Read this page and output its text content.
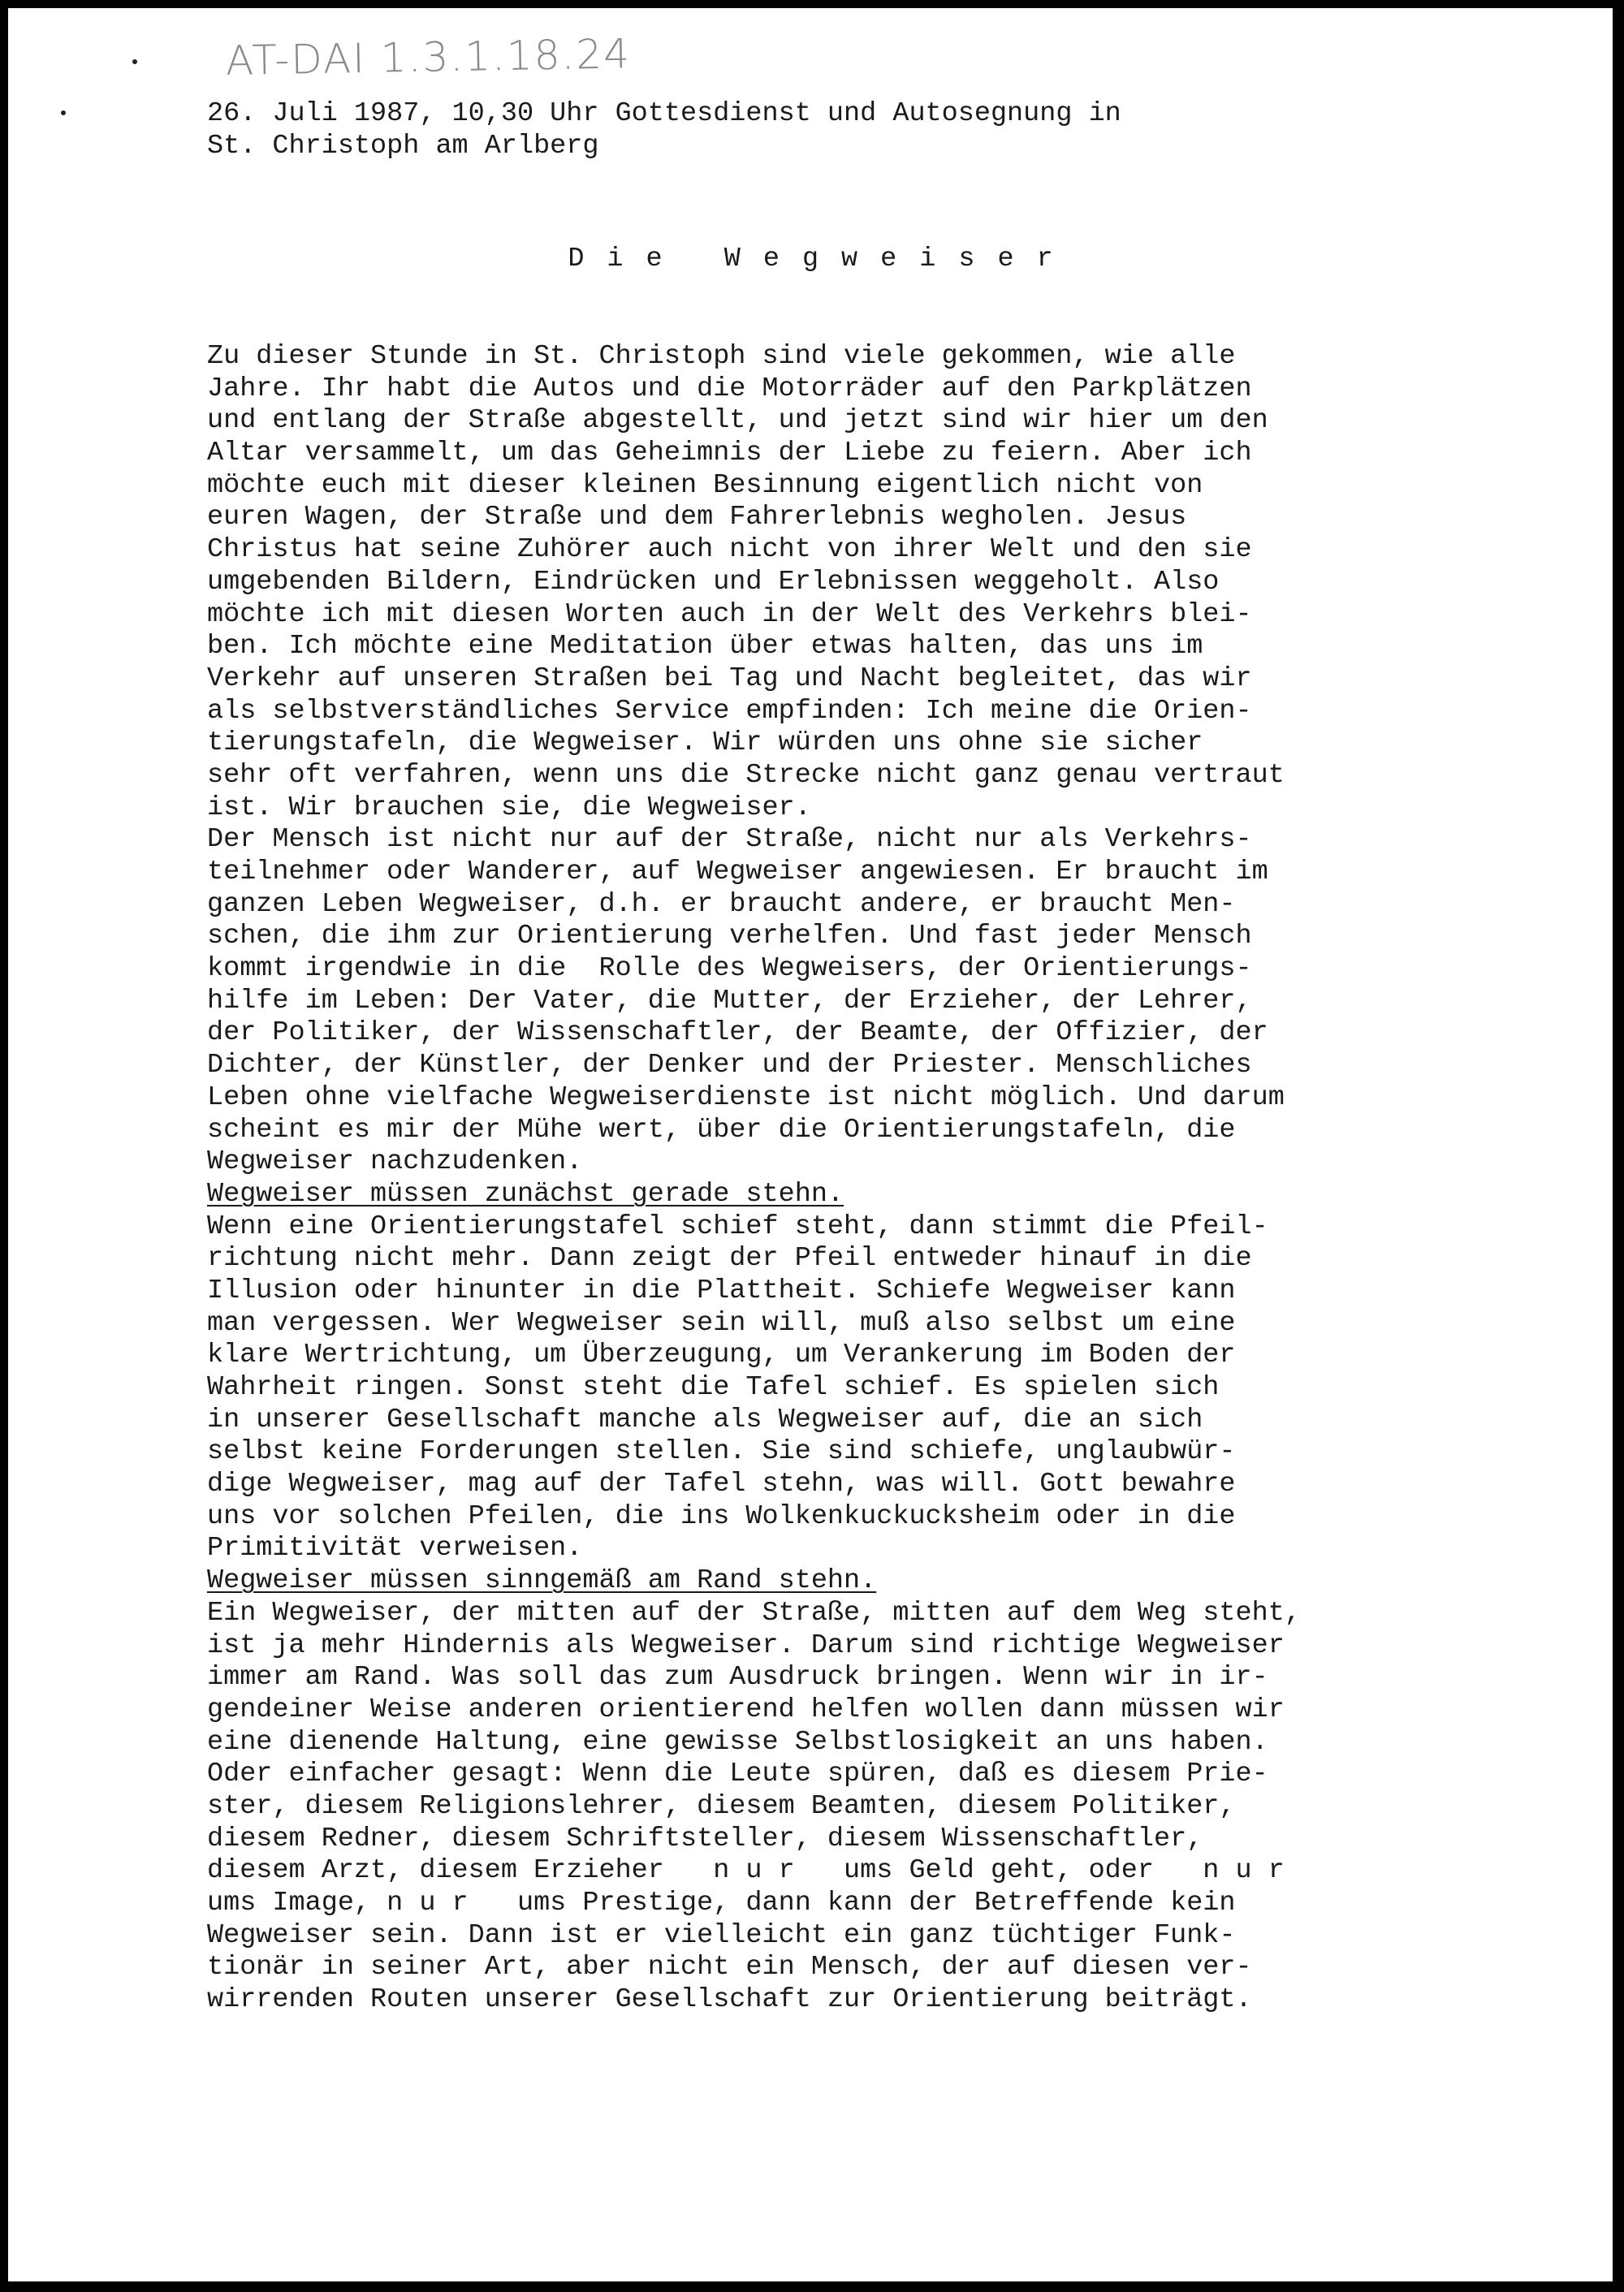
AT-DAI 1.3.1.18.24
26. Juli 1987, 10,30 Uhr Gottesdienst und Autosegnung in
St. Christoph am Arlberg
Die Wegweiser
Zu dieser Stunde in St. Christoph sind viele gekommen, wie alle
Jahre. Ihr habt die Autos und die Motorräder auf den Parkplätzen
und entlang der Straße abgestellt, und jetzt sind wir hier um den
Altar versammelt, um das Geheimnis der Liebe zu feiern. Aber ich
möchte euch mit dieser kleinen Besinnung eigentlich nicht von
euren Wagen, der Straße und dem Fahrerlebnis wegholen. Jesus
Christus hat seine Zuhörer auch nicht von ihrer Welt und den sie
umgebenden Bildern, Eindrücken und Erlebnissen weggeholt. Also
möchte ich mit diesen Worten auch in der Welt des Verkehrs blei-
ben. Ich möchte eine Meditation über etwas halten, das uns im
Verkehr auf unseren Straßen bei Tag und Nacht begleitet, das wir
als selbstverständliches Service empfinden: Ich meine die Orien-
tierungstafeln, die Wegweiser. Wir würden uns ohne sie sicher
sehr oft verfahren, wenn uns die Strecke nicht ganz genau vertraut
ist. Wir brauchen sie, die Wegweiser.
Der Mensch ist nicht nur auf der Straße, nicht nur als Verkehrs-
teilnehmer oder Wanderer, auf Wegweiser angewiesen. Er braucht im
ganzen Leben Wegweiser, d.h. er braucht andere, er braucht Men-
schen, die ihm zur Orientierung verhelfen. Und fast jeder Mensch
kommt irgendwie in die  Rolle des Wegweisers, der Orientierungs-
hilfe im Leben: Der Vater, die Mutter, der Erzieher, der Lehrer,
der Politiker, der Wissenschaftler, der Beamte, der Offizier, der
Dichter, der Künstler, der Denker und der Priester. Menschliches
Leben ohne vielfache Wegweiserdienste ist nicht möglich. Und darum
scheint es mir der Mühe wert, über die Orientierungstafeln, die
Wegweiser nachzudenken.
Wegweiser müssen zunächst gerade stehn.
Wenn eine Orientierungstafel schief steht, dann stimmt die Pfeil-
richtung nicht mehr. Dann zeigt der Pfeil entweder hinauf in die
Illusion oder hinunter in die Plattheit. Schiefe Wegweiser kann
man vergessen. Wer Wegweiser sein will, muß also selbst um eine
klare Wertrichtung, um Überzeugung, um Verankerung im Boden der
Wahrheit ringen. Sonst steht die Tafel schief. Es spielen sich
in unserer Gesellschaft manche als Wegweiser auf, die an sich
selbst keine Forderungen stellen. Sie sind schiefe, unglaubwür-
dige Wegweiser, mag auf der Tafel stehn, was will. Gott bewahre
uns vor solchen Pfeilen, die ins Wolkenkuckucksheim oder in die
Primitivität verweisen.
Wegweiser müssen sinngemäß am Rand stehn.
Ein Wegweiser, der mitten auf der Straße, mitten auf dem Weg steht,
ist ja mehr Hindernis als Wegweiser. Darum sind richtige Wegweiser
immer am Rand. Was soll das zum Ausdruck bringen. Wenn wir in ir-
gendeiner Weise anderen orientierend helfen wollen dann müssen wir
eine dienende Haltung, eine gewisse Selbstlosigkeit an uns haben.
Oder einfacher gesagt: Wenn die Leute spüren, daß es diesem Prie-
ster, diesem Religionslehrer, diesem Beamten, diesem Politiker,
diesem Redner, diesem Schriftsteller, diesem Wissenschaftler,
diesem Arzt, diesem Erzieher   n u r   ums Geld geht, oder   n u r
ums Image, n u r   ums Prestige, dann kann der Betreffende kein
Wegweiser sein. Dann ist er vielleicht ein ganz tüchtiger Funk-
tionär in seiner Art, aber nicht ein Mensch, der auf diesen ver-
wirrenden Routen unserer Gesellschaft zur Orientierung beiträgt.
